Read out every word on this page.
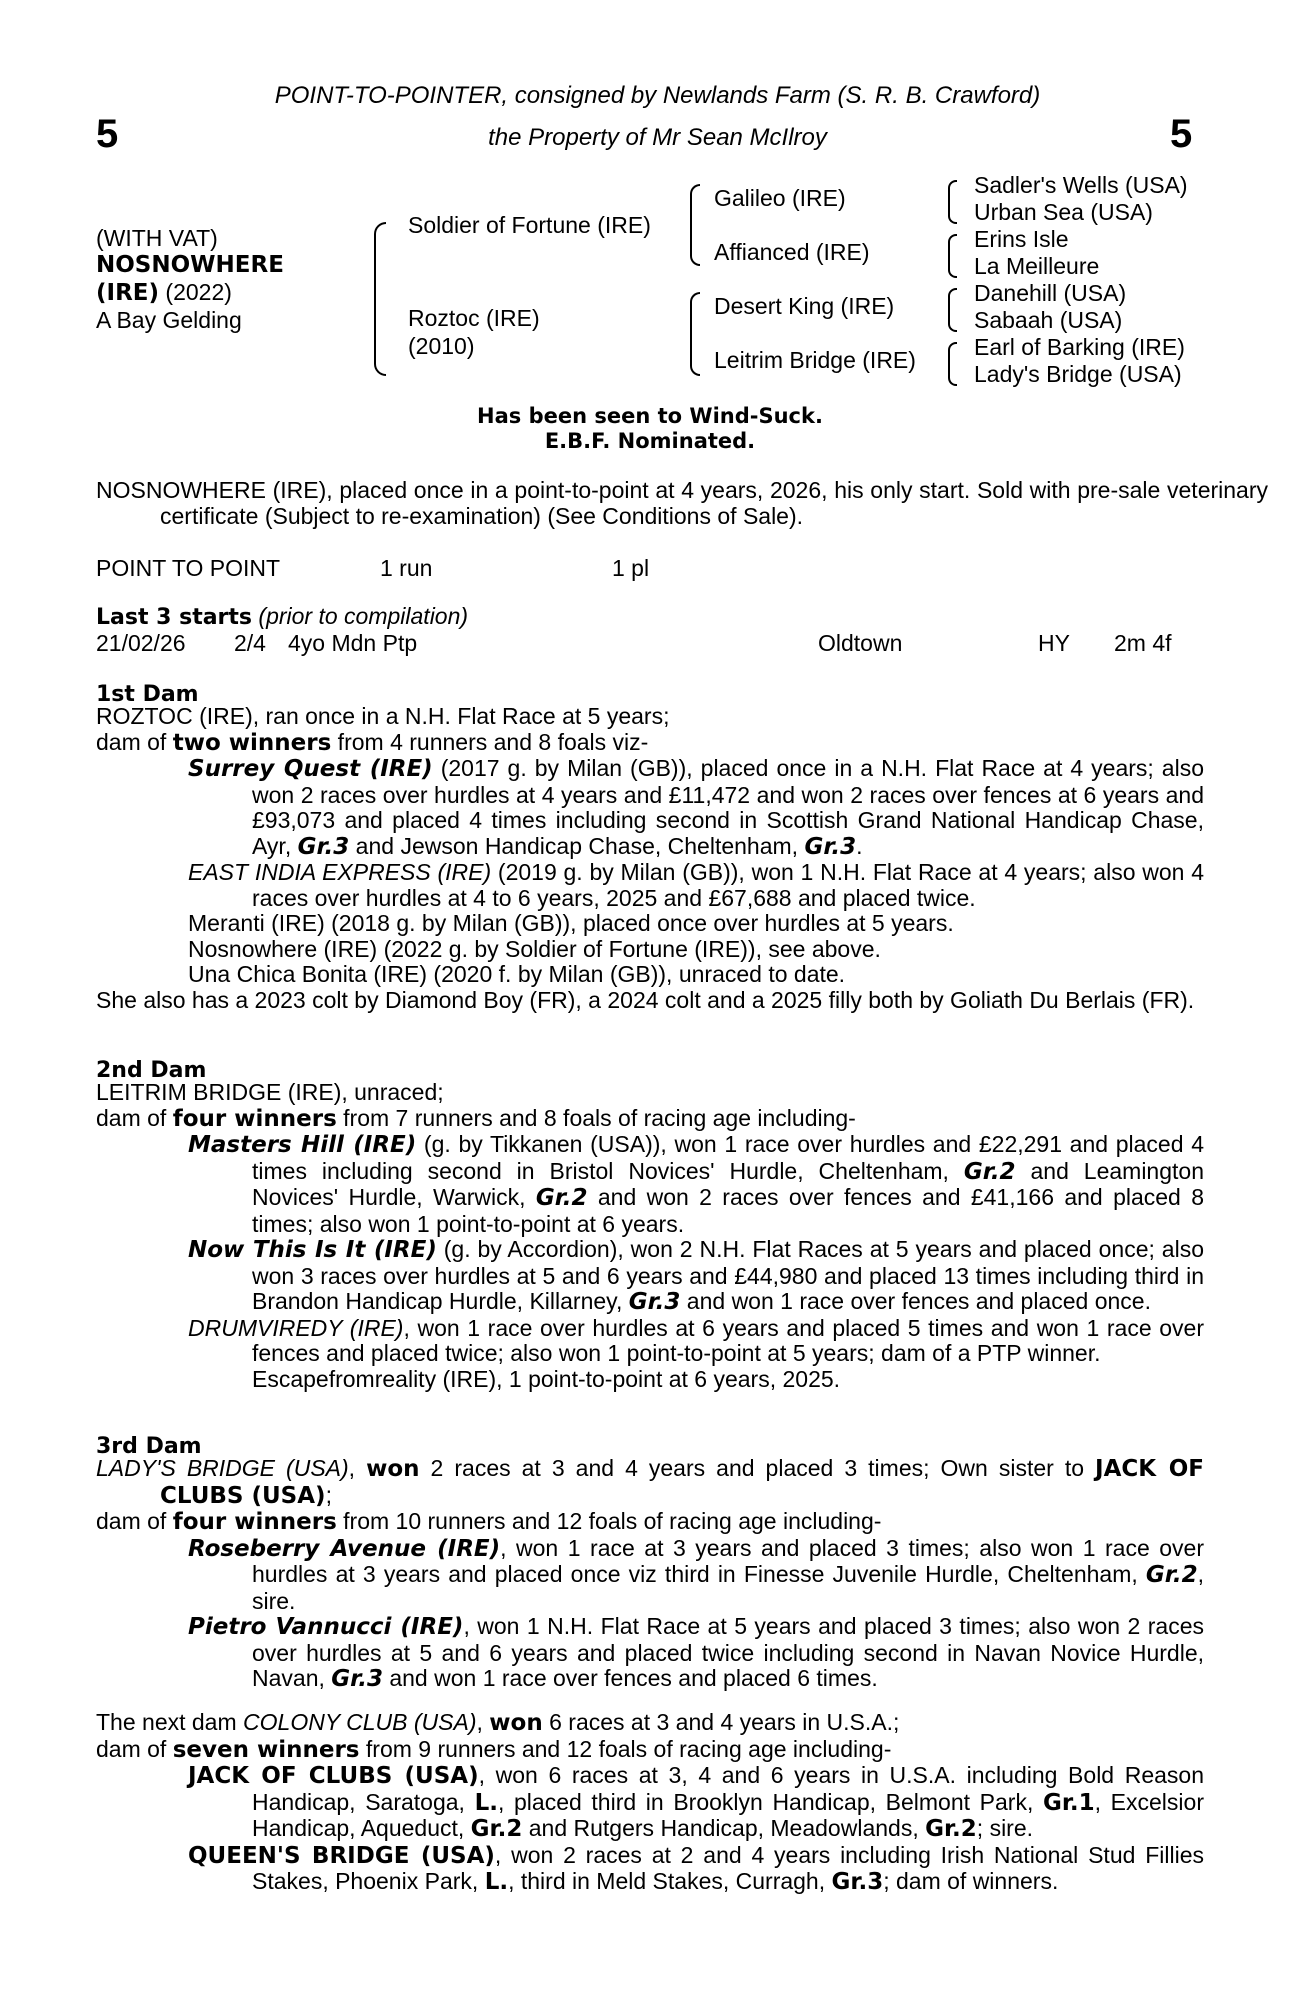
5	5
POINT-TO-POINTER, consigned by Newlands Farm (S. R. B. Crawford)
the Property of Mr Sean McIlroy
(WITH VAT)
NOSNOWHERE
(IRE) (2022)
A Bay Gelding
Soldier of Fortune (IRE)
Roztoc (IRE)
(2010)
Galileo (IRE)
Affianced (IRE)
Desert King (IRE)
Leitrim Bridge (IRE)
Sadler's Wells (USA)
Urban Sea (USA)
Erins Isle
La Meilleure
Danehill (USA)
Sabaah (USA)
Earl of Barking (IRE)
Lady's Bridge (USA)
Has been seen to Wind-Suck.
E.B.F. Nominated.
NOSNOWHERE (IRE), placed once in a point-to-point at 4 years, 2026, his only start. Sold with pre-sale veterinary certificate (Subject to re-examination) (See Conditions of Sale).
POINT TO POINT	1 run	1 pl
Last 3 starts (prior to compilation)
21/02/26 2/4 4yo Mdn Ptp	Oldtown	HY 2m 4f
1st Dam
ROZTOC (IRE), ran once in a N.H. Flat Race at 5 years;
dam of two winners from 4 runners and 8 foals viz-
Surrey Quest (IRE) (2017 g. by Milan (GB)), placed once in a N.H. Flat Race at 4 years; also won 2 races over hurdles at 4 years and £11,472 and won 2 races over fences at 6 years and £93,073 and placed 4 times including second in Scottish Grand National Handicap Chase, Ayr, Gr.3 and Jewson Handicap Chase, Cheltenham, Gr.3.
EAST INDIA EXPRESS (IRE) (2019 g. by Milan (GB)), won 1 N.H. Flat Race at 4 years; also won 4 races over hurdles at 4 to 6 years, 2025 and £67,688 and placed twice.
Meranti (IRE) (2018 g. by Milan (GB)), placed once over hurdles at 5 years.
Nosnowhere (IRE) (2022 g. by Soldier of Fortune (IRE)), see above.
Una Chica Bonita (IRE) (2020 f. by Milan (GB)), unraced to date.
She also has a 2023 colt by Diamond Boy (FR), a 2024 colt and a 2025 filly both by Goliath Du Berlais (FR).
2nd Dam
LEITRIM BRIDGE (IRE), unraced;
dam of four winners from 7 runners and 8 foals of racing age including-
Masters Hill (IRE) (g. by Tikkanen (USA)), won 1 race over hurdles and £22,291 and placed 4 times including second in Bristol Novices' Hurdle, Cheltenham, Gr.2 and Leamington Novices' Hurdle, Warwick, Gr.2 and won 2 races over fences and £41,166 and placed 8 times; also won 1 point-to-point at 6 years.
Now This Is It (IRE) (g. by Accordion), won 2 N.H. Flat Races at 5 years and placed once; also won 3 races over hurdles at 5 and 6 years and £44,980 and placed 13 times including third in Brandon Handicap Hurdle, Killarney, Gr.3 and won 1 race over fences and placed once.
DRUMVIREDY (IRE), won 1 race over hurdles at 6 years and placed 5 times and won 1 race over fences and placed twice; also won 1 point-to-point at 5 years; dam of a PTP winner.
Escapefromreality (IRE), 1 point-to-point at 6 years, 2025.
3rd Dam
LADY'S BRIDGE (USA), won 2 races at 3 and 4 years and placed 3 times; Own sister to JACK OF CLUBS (USA);
dam of four winners from 10 runners and 12 foals of racing age including-
Roseberry Avenue (IRE), won 1 race at 3 years and placed 3 times; also won 1 race over hurdles at 3 years and placed once viz third in Finesse Juvenile Hurdle, Cheltenham, Gr.2, sire.
Pietro Vannucci (IRE), won 1 N.H. Flat Race at 5 years and placed 3 times; also won 2 races over hurdles at 5 and 6 years and placed twice including second in Navan Novice Hurdle, Navan, Gr.3 and won 1 race over fences and placed 6 times.
The next dam COLONY CLUB (USA), won 6 races at 3 and 4 years in U.S.A.;
dam of seven winners from 9 runners and 12 foals of racing age including-
JACK OF CLUBS (USA), won 6 races at 3, 4 and 6 years in U.S.A. including Bold Reason Handicap, Saratoga, L., placed third in Brooklyn Handicap, Belmont Park, Gr.1, Excelsior Handicap, Aqueduct, Gr.2 and Rutgers Handicap, Meadowlands, Gr.2; sire.
QUEEN'S BRIDGE (USA), won 2 races at 2 and 4 years including Irish National Stud Fillies Stakes, Phoenix Park, L., third in Meld Stakes, Curragh, Gr.3; dam of winners.
